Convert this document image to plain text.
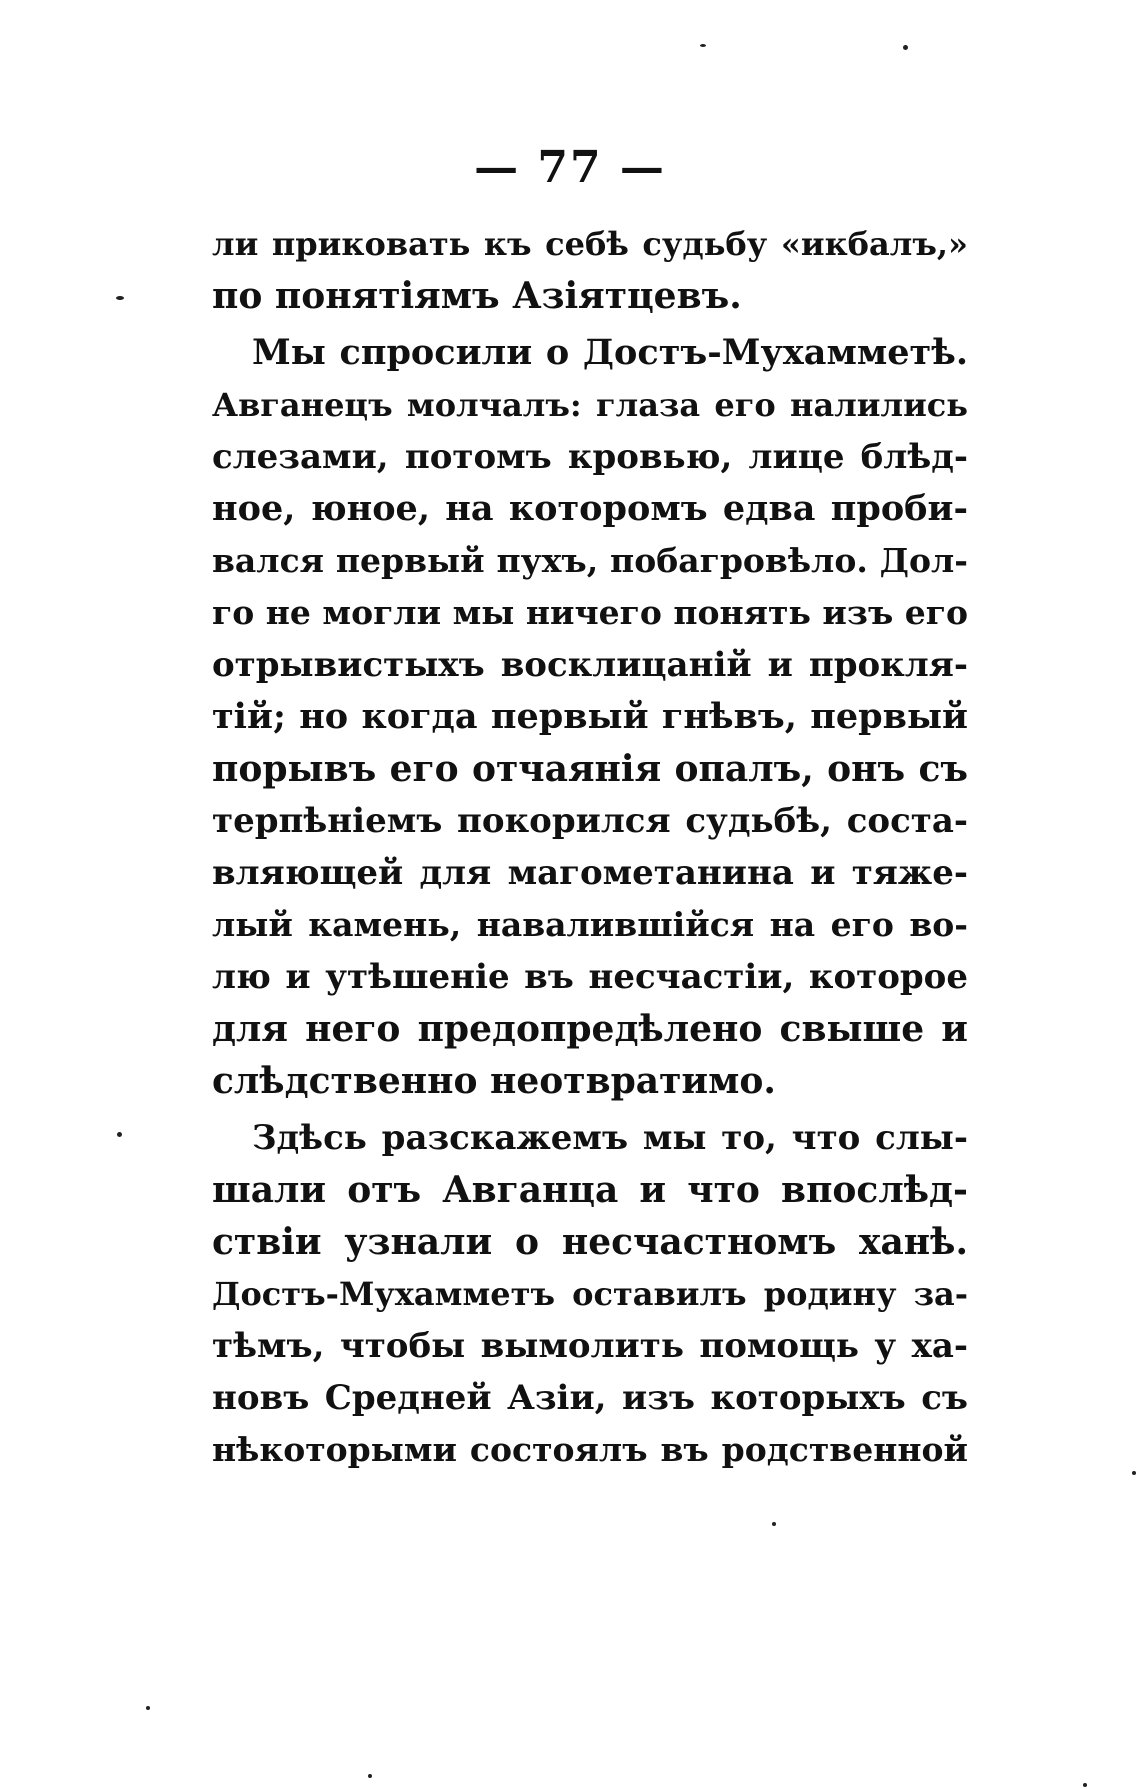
— 77 —
ли приковать къ себѣ судьбу «икбалъ,»
по понятіямъ Азіятцевъ.
Мы спросили о Достъ-Мухамметѣ.
Авганецъ молчалъ: глаза его налились
слезами, потомъ кровью, лице блѣд-
ное, юное, на которомъ едва проби-
вался первый пухъ, побагровѣло. Дол-
го не могли мы ничего понять изъ его
отрывистыхъ восклицаній и прокля-
тій; но когда первый гнѣвъ, первый
порывъ его отчаянія опалъ, онъ съ
терпѣніемъ покорился судьбѣ, соста-
вляющей для магометанина и тяже-
лый камень, навалившійся на его во-
лю и утѣшеніе въ несчастіи, которое
для него предопредѣлено свыше и
слѣдственно неотвратимо.
Здѣсь разскажемъ мы то, что слы-
шали отъ Авганца и что впослѣд-
ствіи узнали о несчастномъ ханѣ.
Достъ-Мухамметъ оставилъ родину за-
тѣмъ, чтобы вымолить помощь у ха-
новъ Средней Азіи, изъ которыхъ съ
нѣкоторыми состоялъ въ родственной
